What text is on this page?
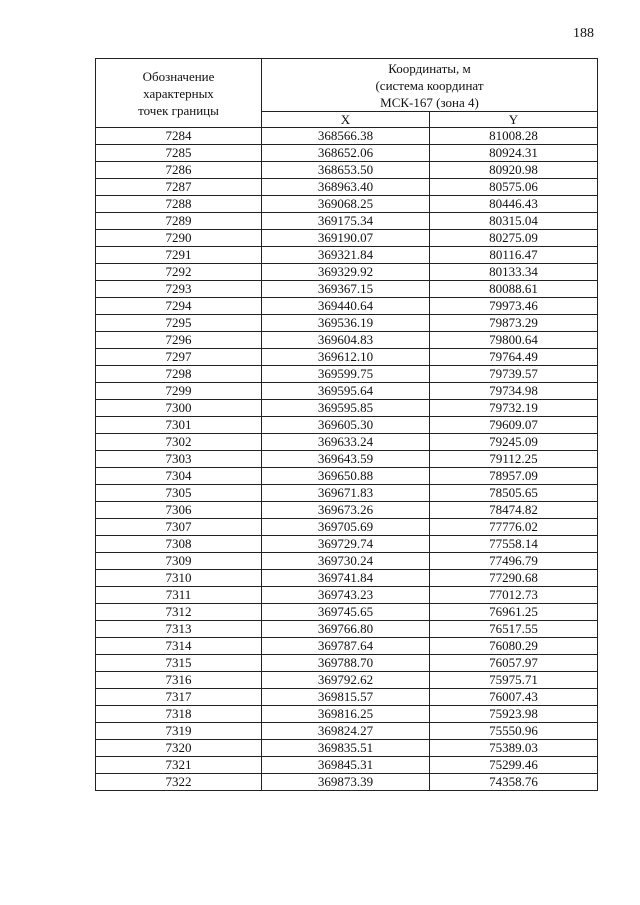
188
Обозначение
характерных
точек границы	Координаты, м
(система координат
МСК-167 (зона 4)	
	X	Y
7284	368566.38	81008.28
7285	368652.06	80924.31
7286	368653.50	80920.98
7287	368963.40	80575.06
7288	369068.25	80446.43
7289	369175.34	80315.04
7290	369190.07	80275.09
7291	369321.84	80116.47
7292	369329.92	80133.34
7293	369367.15	80088.61
7294	369440.64	79973.46
7295	369536.19	79873.29
7296	369604.83	79800.64
7297	369612.10	79764.49
7298	369599.75	79739.57
7299	369595.64	79734.98
7300	369595.85	79732.19
7301	369605.30	79609.07
7302	369633.24	79245.09
7303	369643.59	79112.25
7304	369650.88	78957.09
7305	369671.83	78505.65
7306	369673.26	78474.82
7307	369705.69	77776.02
7308	369729.74	77558.14
7309	369730.24	77496.79
7310	369741.84	77290.68
7311	369743.23	77012.73
7312	369745.65	76961.25
7313	369766.80	76517.55
7314	369787.64	76080.29
7315	369788.70	76057.97
7316	369792.62	75975.71
7317	369815.57	76007.43
7318	369816.25	75923.98
7319	369824.27	75550.96
7320	369835.51	75389.03
7321	369845.31	75299.46
7322	369873.39	74358.76
